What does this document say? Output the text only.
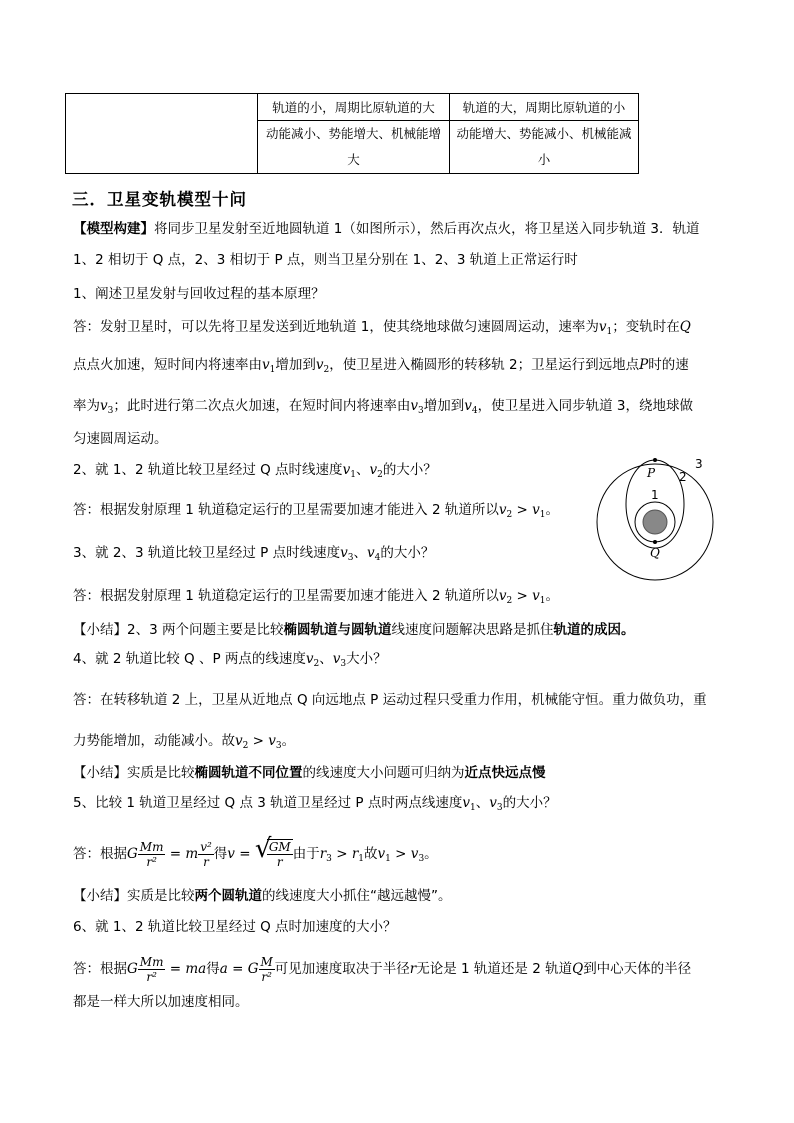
	轨道的小，周期比原轨道的大	轨道的大，周期比原轨道的小
	动能减小、势能增大、机械能增大	动能增大、势能减小、机械能减小
三．卫星变轨模型十问
【模型构建】将同步卫星发射至近地圆轨道 1（如图所示），然后再次点火，将卫星送入同步轨道 3．轨道
1、2 相切于 Q 点，2、3 相切于 P 点，则当卫星分别在 1、2、3 轨道上正常运行时
1、阐述卫星发射与回收过程的基本原理？
答：发射卫星时，可以先将卫星发送到近地轨道 1，使其绕地球做匀速圆周运动，速率为$v_1$；变轨时在Q
点点火加速，短时间内将速率由$v_1$增加到$v_2$，使卫星进入椭圆形的转移轨 2；卫星运行到远地点P时的速
率为$v_3$；此时进行第二次点火加速，在短时间内将速率由$v_3$增加到$v_4$，使卫星进入同步轨道 3，绕地球做
匀速圆周运动。
2、就 1、2 轨道比较卫星经过 Q 点时线速度$v_1$、$v_2$的大小？
答：根据发射原理 1 轨道稳定运行的卫星需要加速才能进入 2 轨道所以$v_2 > v_1$。
3、就 2、3 轨道比较卫星经过 P 点时线速度$v_3$、$v_4$的大小？
答：根据发射原理 1 轨道稳定运行的卫星需要加速才能进入 2 轨道所以$v_2 > v_1$。
【小结】2、3 两个问题主要是比较椭圆轨道与圆轨道线速度问题解决思路是抓住轨道的成因。
4、就 2 轨道比较 Q 、P 两点的线速度$v_2$、$v_3$大小？
答：在转移轨道 2 上，卫星从近地点 Q 向远地点 P 运动过程只受重力作用，机械能守恒。重力做负功，重
力势能增加，动能减小。故$v_2 > v_3$。
【小结】实质是比较椭圆轨道不同位置的线速度大小问题可归纳为近点快远点慢
5、比较 1 轨道卫星经过 Q 点 3 轨道卫星经过 P 点时两点线速度$v_1$、$v_3$的大小？
答：根据G $\frac{Mm}{\text{r²}} = m \frac{\text{v²}}{r}$ 得v = √ $\frac{GM}{r}$ 由于$r_3 > r_1$故$v_1 > v_3$。
【小结】实质是比较两个圆轨道的线速度大小抓住“越远越慢”。
6、就 1、2 轨道比较卫星经过 Q 点时加速度的大小？
答：根据G $\frac{Mm}{\text{r²}}$ = ma得a = G $\frac{M}{\text{r²}}$ 可见加速度取决于半径r无论是 1 轨道还是 2 轨道Q到中心天体的半径
都是一样大所以加速度相同。
P
Q
1
2
3
